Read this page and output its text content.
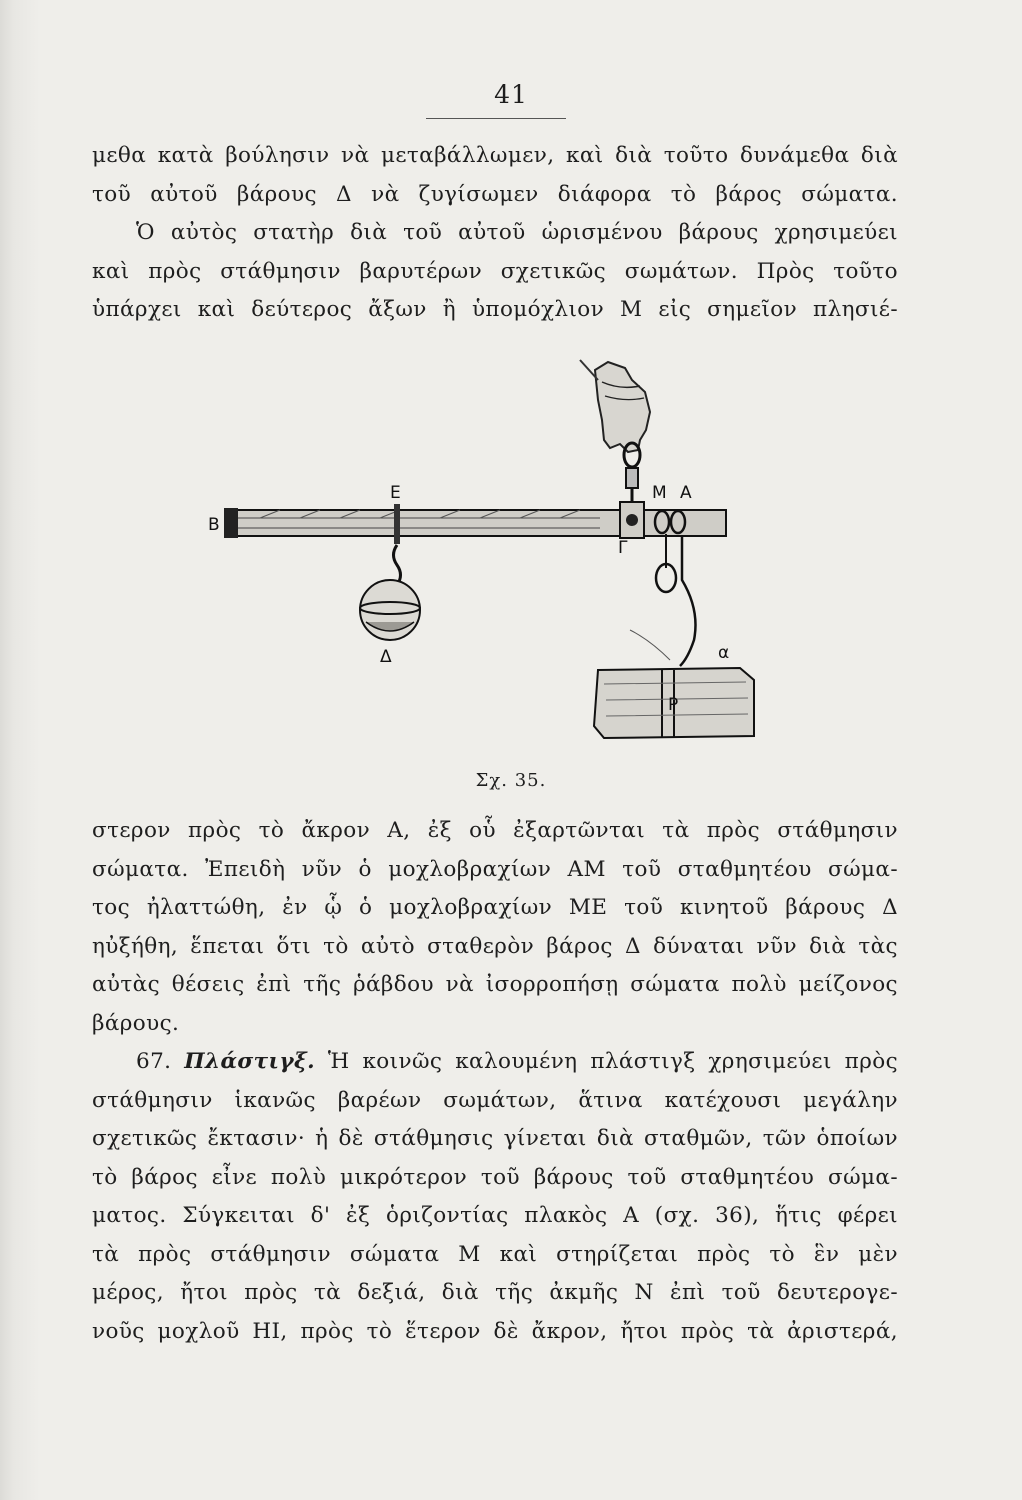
41
μεθα κατὰ βούλησιν νὰ μεταβάλλωμεν, καὶ διὰ τοῦτο δυνάμεθα διὰ
τοῦ αὐτοῦ βάρους Δ νὰ ζυγίσωμεν διάφορα τὸ βάρος σώματα.
Ὁ αὐτὸς στατὴρ διὰ τοῦ αὐτοῦ ὡρισμένου βάρους χρησιμεύει
καὶ πρὸς στάθμησιν βαρυτέρων σχετικῶς σωμάτων. Πρὸς τοῦτο
ὑπάρχει καὶ δεύτερος ἄξων ἢ ὑπομόχλιον Μ εἰς σημεῖον πλησιέ-
B
E	M A
Γ
Δ	α
P
Σχ. 35.
στερον πρὸς τὸ ἄκρον Α, ἐξ οὗ ἐξαρτῶνται τὰ πρὸς στάθμησιν
σώματα. Ἐπειδὴ νῦν ὁ μοχλοβραχίων ΑΜ τοῦ σταθμητέου σώμα-
τος ἠλαττώθη, ἐν ᾧ ὁ μοχλοβραχίων ΜΕ τοῦ κινητοῦ βάρους Δ
ηὐξήθη, ἕπεται ὅτι τὸ αὐτὸ σταθερὸν βάρος Δ δύναται νῦν διὰ τὰς
αὐτὰς θέσεις ἐπὶ τῆς ῥάβδου νὰ ἰσορροπήσῃ σώματα πολὺ μείζονος
βάρους.
67. Πλάστιγξ. Ἡ κοινῶς καλουμένη πλάστιγξ χρησιμεύει πρὸς
στάθμησιν ἱκανῶς βαρέων σωμάτων, ἅτινα κατέχουσι μεγάλην
σχετικῶς ἔκτασιν· ἡ δὲ στάθμησις γίνεται διὰ σταθμῶν, τῶν ὁποίων
τὸ βάρος εἶνε πολὺ μικρότερον τοῦ βάρους τοῦ σταθμητέου σώμα-
ματος. Σύγκειται δ' ἐξ ὁριζοντίας πλακὸς Α (σχ. 36), ἥτις φέρει
τὰ πρὸς στάθμησιν σώματα Μ καὶ στηρίζεται πρὸς τὸ ἓν μὲν
μέρος, ἤτοι πρὸς τὰ δεξιά, διὰ τῆς ἀκμῆς Ν ἐπὶ τοῦ δευτερογε-
νοῦς μοχλοῦ ΗΙ, πρὸς τὸ ἕτερον δὲ ἄκρον, ἤτοι πρὸς τὰ ἀριστερά,
